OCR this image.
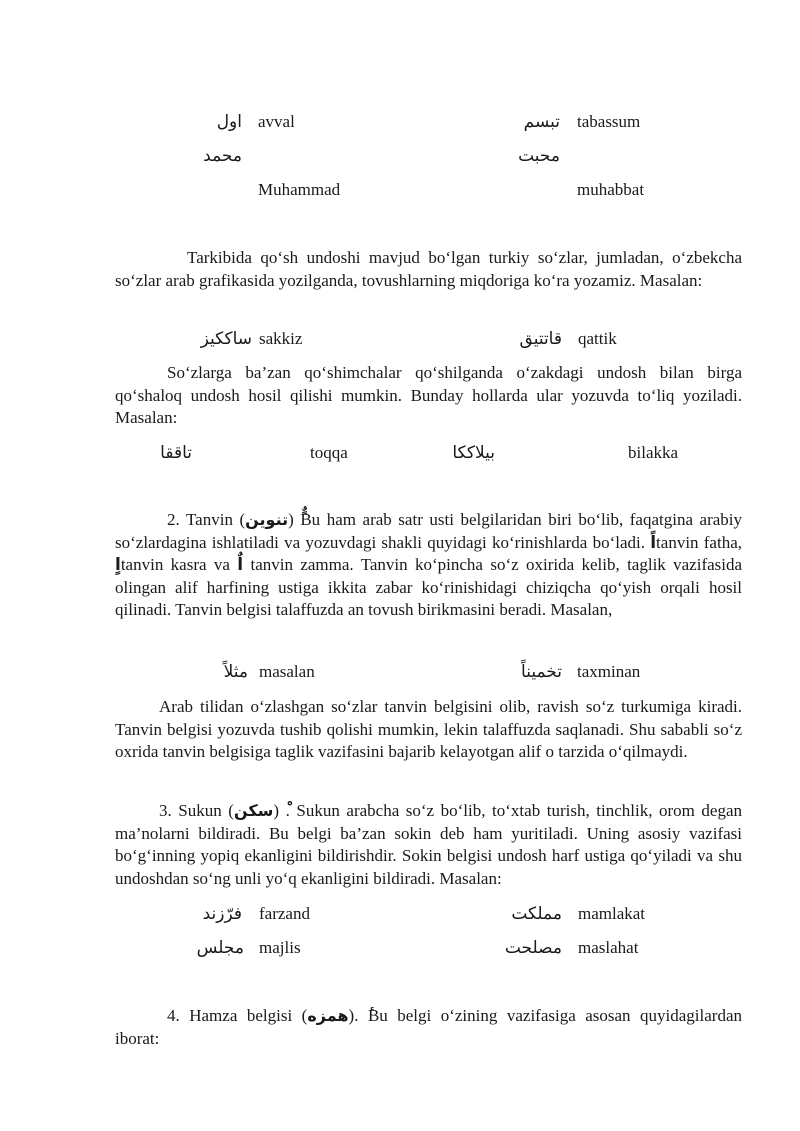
اول avval	تبسم tabassum
محمد	محبت
Muhammad	muhabbat

Tarkibida qo‘sh undoshi mavjud bo‘lgan turkiy so‘zlar, jumladan, o‘zbekcha so‘zlar arab grafikasida yozilganda, tovushlarning miqdoriga ko‘ra yozamiz. Masalan:

ساككيز sakkiz	قاتتيق qattik

So‘zlarga ba’zan qo‘shimchalar qo‘shilganda o‘zakdagi undosh bilan birga qo‘shaloq undosh hosil qilishi mumkin. Bunday hollarda ular yozuvda to‘liq yoziladi. Masalan:

تاققا	toqqa	بيلاككا	bilakka

2. Tanvin (تنوين) Bu ham arab satr usti belgilaridan biri bo‘lib, faqatgina arabiy so‘zlardagina ishlatiladi va yozuvdagi shakli quyidagi ko‘rinishlarda bo‘ladi. اًtanvin fatha, اٍtanvin kasra va اٌ tanvin zamma. Tanvin ko‘pincha so‘z oxirida kelib, taglik vazifasida olingan alif harfining ustiga ikkita zabar ko‘rinishidagi chiziqcha qo‘yish orqali hosil qilinadi. Tanvin belgisi talaffuzda an tovush birikmasini beradi. Masalan,

مثلاً masalan	تخميناً taxminan

Arab tilidan o‘zlashgan so‘zlar tanvin belgisini olib, ravish so‘z turkumiga kiradi. Tanvin belgisi yozuvda tushib qolishi mumkin, lekin talaffuzda saqlanadi. Shu sababli so‘z oxrida tanvin belgisiga taglik vazifasini bajarib kelayotgan alif o tarzida o‘qilmaydi.

3. Sukun (سكن) . Sukun arabcha so‘z bo‘lib, to‘xtab turish, tinchlik, orom degan ma’nolarni bildiradi. Bu belgi ba’zan sokin deb ham yuritiladi. Uning asosiy vazifasi bo‘g‘inning yopiq ekanligini bildirishdir. Sokin belgisi undosh harf ustiga qo‘yiladi va shu undoshdan so‘ng unli yo‘q ekanligini bildiradi. Masalan:

فرّزند farzand	مملكت mamlakat
مجلس majlis	مصلحت maslahat

4. Hamza belgisi (همزه). Bu belgi o‘zining vazifasiga asosan quyidagilardan iborat:
